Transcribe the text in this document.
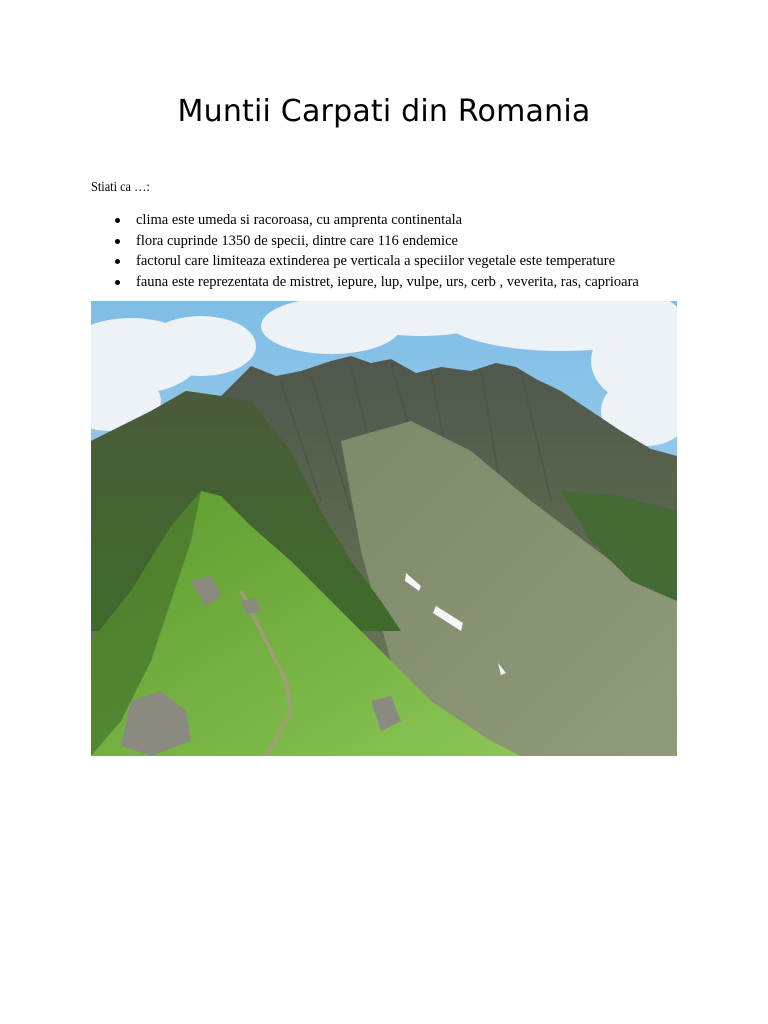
Muntii Carpati din Romania
Stiati ca …:
clima este umeda si racoroasa, cu amprenta continentala
flora cuprinde 1350 de specii, dintre care 116 endemice
factorul care limiteaza extinderea pe verticala a speciilor vegetale este temperature
fauna este reprezentata de mistret, iepure, lup, vulpe, urs, cerb , veverita, ras, caprioara
